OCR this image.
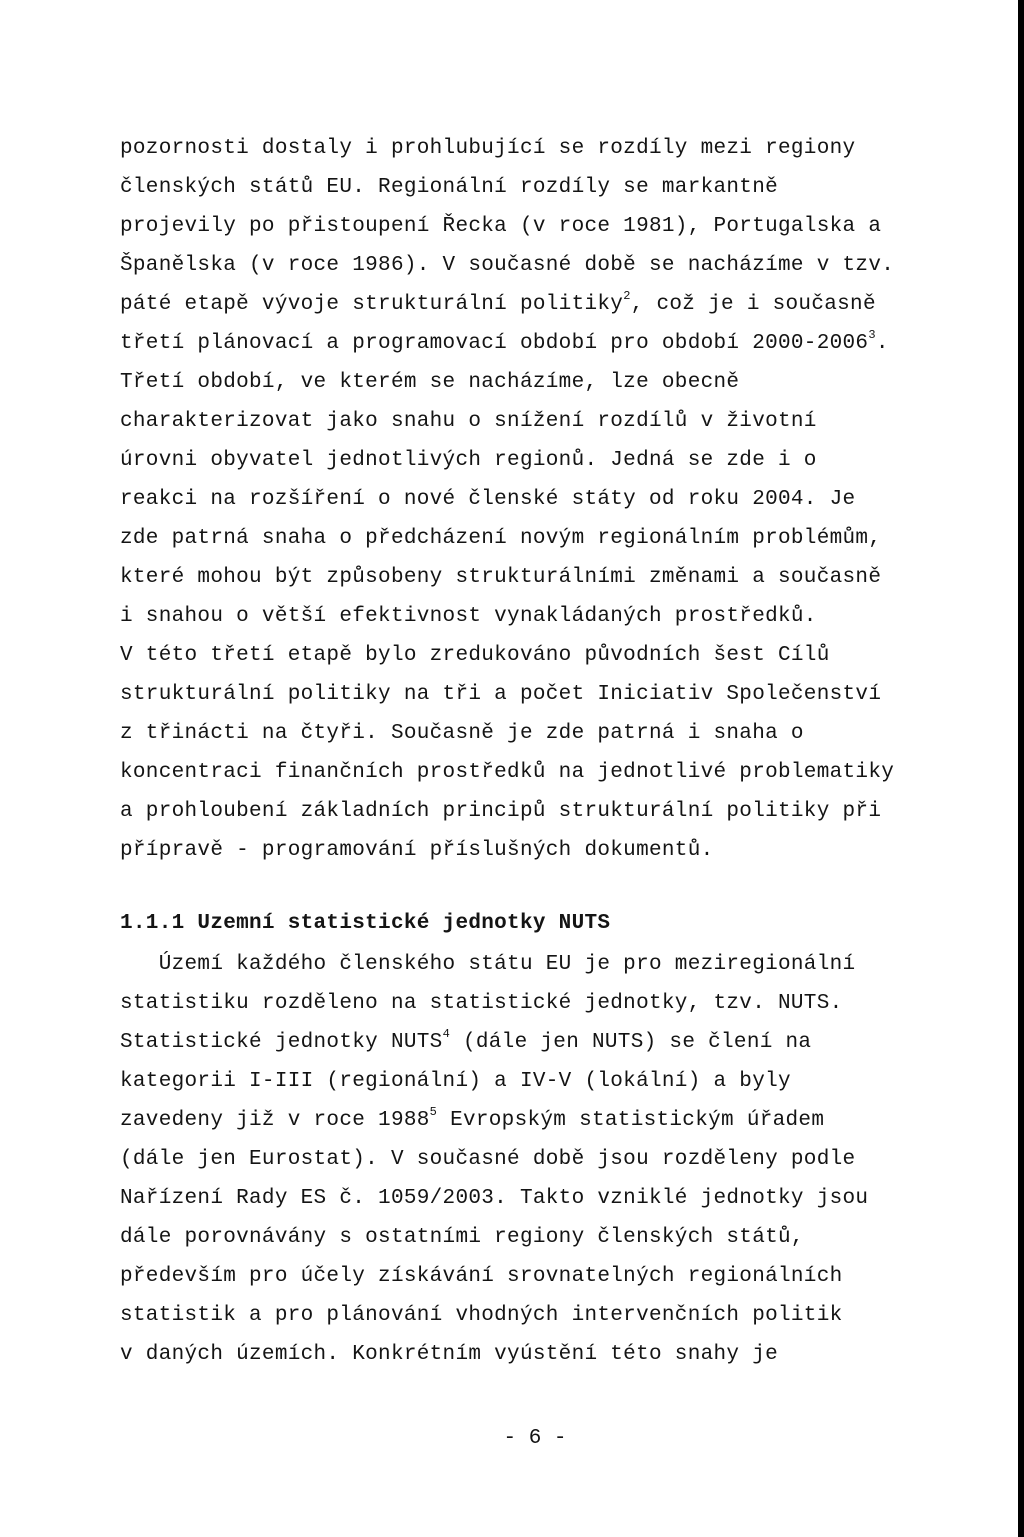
pozornosti dostaly i prohlubující se rozdíly mezi regiony
členských států EU. Regionální rozdíly se markantně
projevily po přistoupení Řecka (v roce 1981), Portugalska a
Španělska (v roce 1986). V současné době se nacházíme v tzv.
páté etapě vývoje strukturální politiky$^2$, což je i současně
třetí plánovací a programovací období pro období 2000-2006$^3$.
Třetí období, ve kterém se nacházíme, lze obecně
charakterizovat jako snahu o snížení rozdílů v životní
úrovni obyvatel jednotlivých regionů. Jedná se zde i o
reakci na rozšíření o nové členské státy od roku 2004. Je
zde patrná snaha o předcházení novým regionálním problémům,
které mohou být způsobeny strukturálními změnami a současně
i snahou o větší efektivnost vynakládaných prostředků.
V této třetí etapě bylo zredukováno původních šest Cílů
strukturální politiky na tři a počet Iniciativ Společenství
z třinácti na čtyři. Současně je zde patrná i snaha o
koncentraci finančních prostředků na jednotlivé problematiky
a prohloubení základních principů strukturální politiky při
přípravě - programování příslušných dokumentů.
1.1.1 Uzemní statistické jednotky NUTS
Území každého členského státu EU je pro meziregionální
statistiku rozděleno na statistické jednotky, tzv. NUTS.
Statistické jednotky NUTS$^4$ (dále jen NUTS) se člení na
kategorii I-III (regionální) a IV-V (lokální) a byly
zavedeny již v roce 1988$^5$ Evropským statistickým úřadem
(dále jen Eurostat). V současné době jsou rozděleny podle
Nařízení Rady ES č. 1059/2003. Takto vzniklé jednotky jsou
dále porovnávány s ostatními regiony členských států,
především pro účely získávání srovnatelných regionálních
statistik a pro plánování vhodných intervenčních politik
v daných územích. Konkrétním vyústění této snahy je
- 6 -
